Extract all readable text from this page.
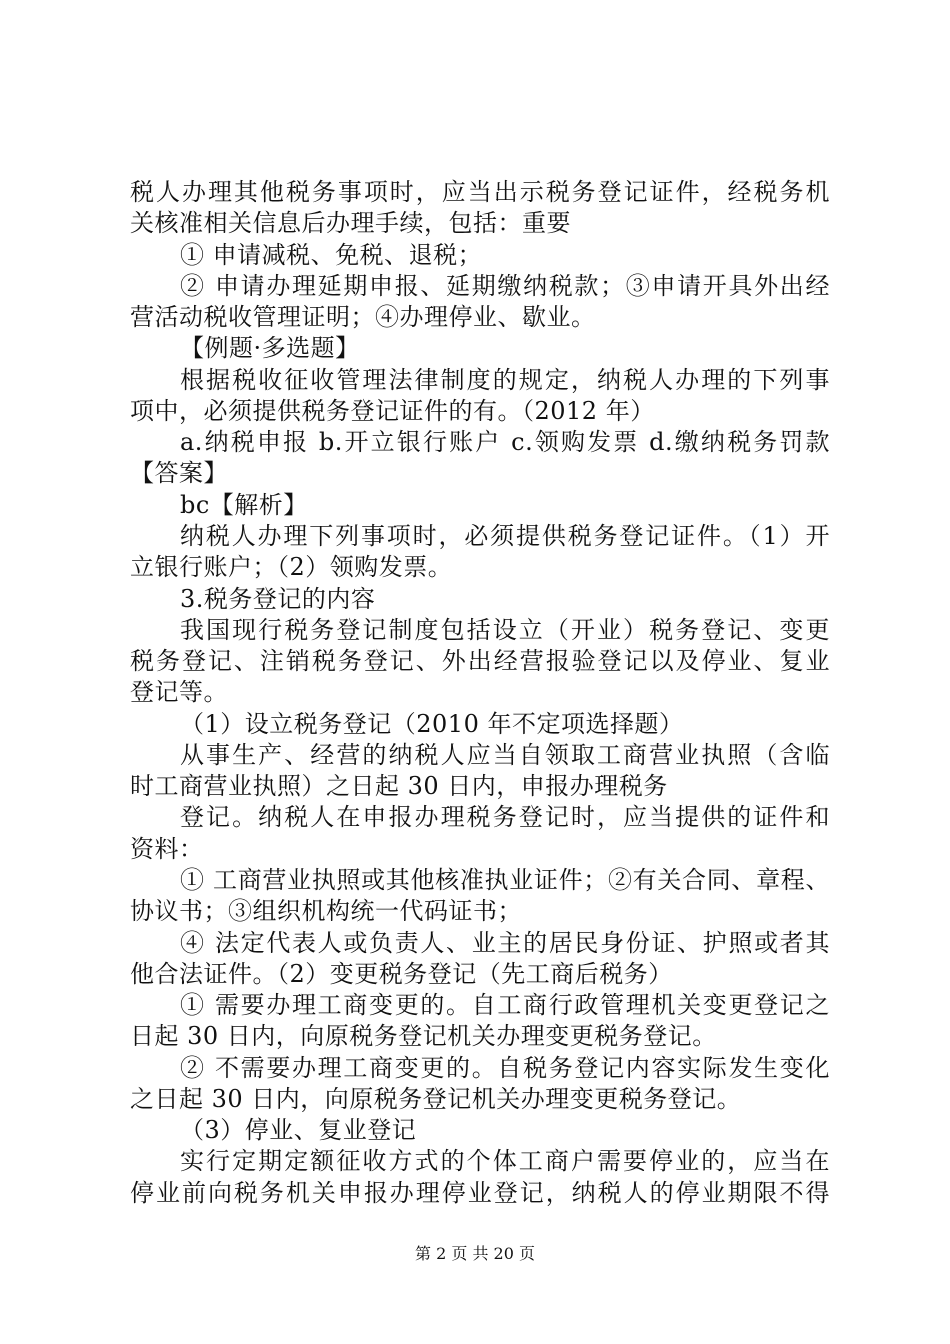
税人办理其他税务事项时，应当出示税务登记证件，经税务机
关核准相关信息后办理手续，包括：重要
① 申请减税、免税、退税；
② 申请办理延期申报、延期缴纳税款；③申请开具外出经
营活动税收管理证明；④办理停业、歇业。
【例题·多选题】
根据税收征收管理法律制度的规定，纳税人办理的下列事
项中，必须提供税务登记证件的有。（2012 年）
a.纳税申报 b.开立银行账户 c.领购发票 d.缴纳税务罚款
【答案】
bc【解析】
纳税人办理下列事项时，必须提供税务登记证件。（1）开
立银行账户；（2）领购发票。
3.税务登记的内容
我国现行税务登记制度包括设立（开业）税务登记、变更
税务登记、注销税务登记、外出经营报验登记以及停业、复业
登记等。
（1）设立税务登记（2010 年不定项选择题）
从事生产、经营的纳税人应当自领取工商营业执照（含临
时工商营业执照）之日起 30 日内，申报办理税务
登记。纳税人在申报办理税务登记时，应当提供的证件和
资料：
① 工商营业执照或其他核准执业证件；②有关合同、章程、
协议书；③组织机构统一代码证书；
④ 法定代表人或负责人、业主的居民身份证、护照或者其
他合法证件。（2）变更税务登记（先工商后税务）
① 需要办理工商变更的。自工商行政管理机关变更登记之
日起 30 日内，向原税务登记机关办理变更税务登记。
② 不需要办理工商变更的。自税务登记内容实际发生变化
之日起 30 日内，向原税务登记机关办理变更税务登记。
（3）停业、复业登记
实行定期定额征收方式的个体工商户需要停业的，应当在
停业前向税务机关申报办理停业登记，纳税人的停业期限不得
第 2 页 共 20 页
